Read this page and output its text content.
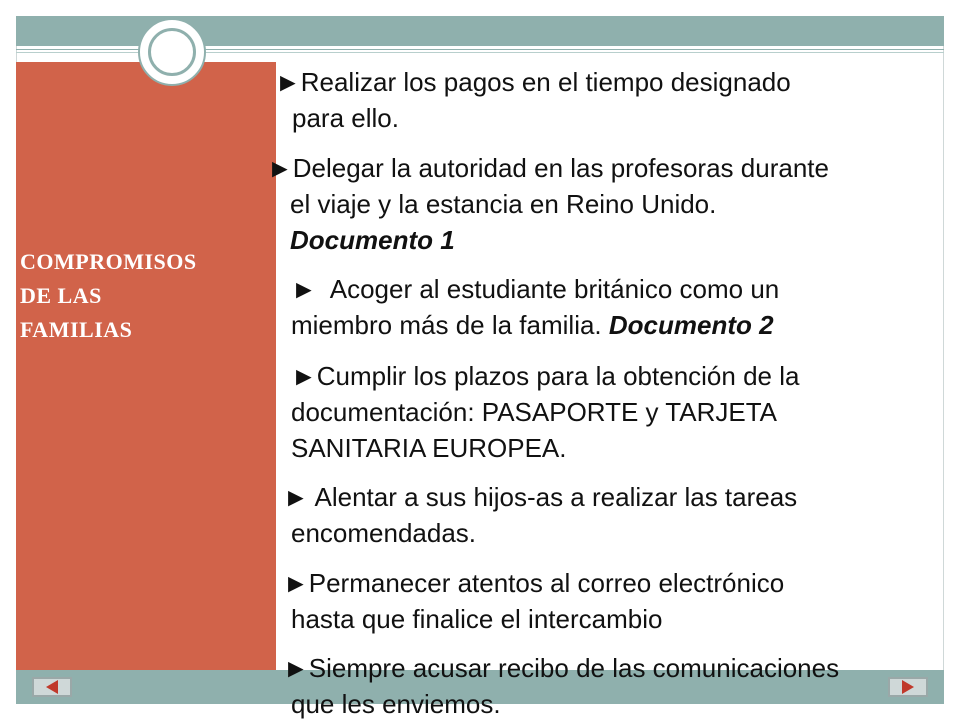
COMPROMISOS
DE LAS
FAMILIAS
►Realizar los pagos en el tiempo designado
para ello.
►Delegar la autoridad en las profesoras durante
el viaje y la estancia en Reino Unido.
Documento 1
►  Acoger al estudiante británico como un
miembro más de la familia. Documento 2
►Cumplir los plazos para la obtención de la
documentación: PASAPORTE y TARJETA
SANITARIA EUROPEA.
► Alentar a sus hijos-as a realizar las tareas
encomendadas.
►Permanecer atentos al correo electrónico
hasta que finalice el intercambio
►Siempre acusar recibo de las comunicaciones
que les enviemos.
